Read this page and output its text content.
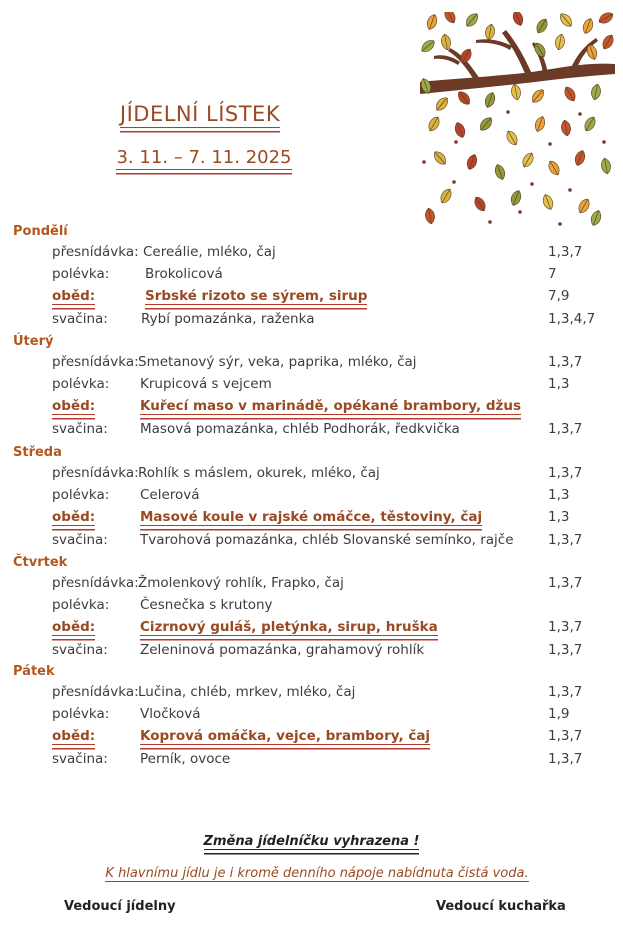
JÍDELNÍ LÍSTEK
3. 11. – 7. 11. 2025
Pondělí
přesnídávka: Cereálie, mléko, čaj	1,3,7
polévka:	Brokolicová	7
oběd:	Srbské rizoto se sýrem, sirup	7,9
svačina: Rybí pomazánka, raženka	1,3,4,7
Úterý
přesnídávka: Smetanový sýr, veka, paprika, mléko, čaj	1,3,7
polévka: Krupicová s vejcem	1,3
oběd:	Kuřecí maso v marinádě, opékané brambory, džus
svačina: Masová pomazánka, chléb Podhorák, ředkvička	1,3,7
Středa
přesnídávka: Rohlík s máslem, okurek, mléko, čaj	1,3,7
polévka: Celerová	1,3
oběd:	Masové koule v rajské omáčce, těstoviny, čaj	1,3
svačina: Tvarohová pomazánka, chléb Slovanské semínko, rajče	1,3,7
Čtvrtek
přesnídávka: Žmolenkový rohlík, Frapko, čaj	1,3,7
polévka: Česnečka s krutony
oběd:	Cizrnový guláš, pletýnka, sirup, hruška	1,3,7
svačina: Zeleninová pomazánka, grahamový rohlík	1,3,7
Pátek
přesnídávka: Lučina, chléb, mrkev, mléko, čaj	1,3,7
polévka: Vločková	1,9
oběd:	Koprová omáčka, vejce, brambory, čaj	1,3,7
svačina: Perník, ovoce	1,3,7
Změna jídelníčku vyhrazena !
K hlavnímu jídlu je i kromě denního nápoje nabídnuta čistá voda.
Vedoucí jídelny	Vedoucí kuchařka
